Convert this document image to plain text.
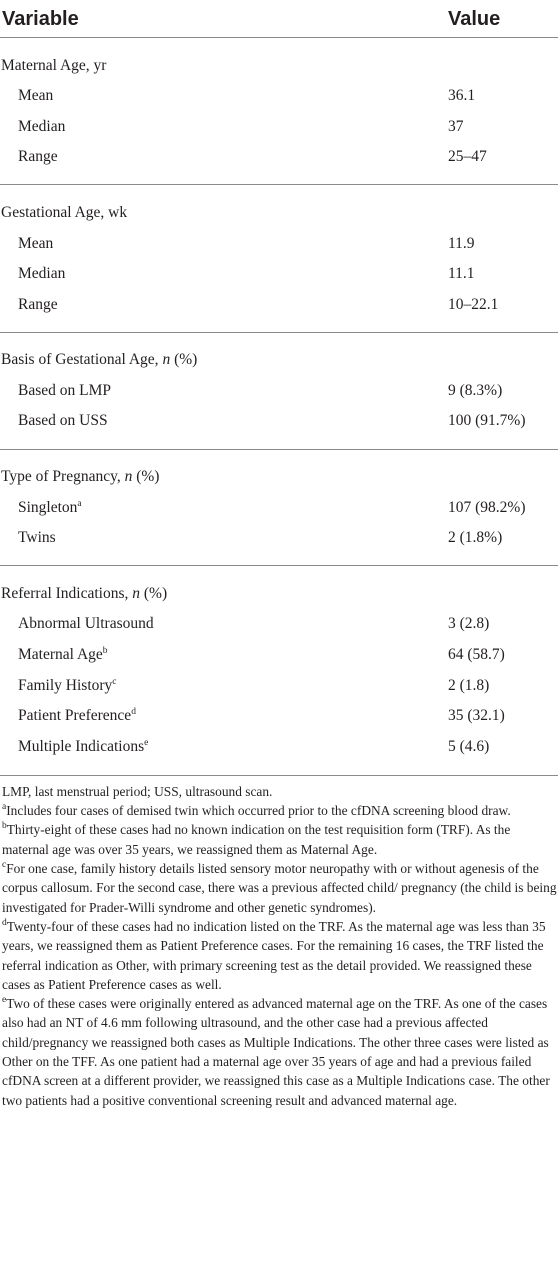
Variable	Value

Maternal Age, yr	
Mean	36.1
Median	37
Range	25–47

Gestational Age, wk	
Mean	11.9
Median	11.1
Range	10–22.1

Basis of Gestational Age, n (%)	
Based on LMP	9 (8.3%)
Based on USS	100 (91.7%)

Type of Pregnancy, n (%)	
Singleton$^a$	107 (98.2%)
Twins	2 (1.8%)

Referral Indications, n (%)	
Abnormal Ultrasound	3 (2.8)
Maternal Age$^b$	64 (58.7)
Family History$^c$	2 (1.8)
Patient Preference$^d$	35 (32.1)
Multiple Indications$^e$	5 (4.6)

LMP, last menstrual period; USS, ultrasound scan.

$^a$Includes four cases of demised twin which occurred prior to the cfDNA screening blood draw.

$^b$Thirty-eight of these cases had no known indication on the test requisition form (TRF). As the maternal age was over 35 years, we reassigned them as Maternal Age.

$^c$For one case, family history details listed sensory motor neuropathy with or without agenesis of the corpus callosum. For the second case, there was a previous affected child/ pregnancy (the child is being investigated for Prader-Willi syndrome and other genetic syndromes).

$^d$Twenty-four of these cases had no indication listed on the TRF. As the maternal age was less than 35 years, we reassigned them as Patient Preference cases. For the remaining 16 cases, the TRF listed the referral indication as Other, with primary screening test as the detail provided. We reassigned these cases as Patient Preference cases as well.

$^e$Two of these cases were originally entered as advanced maternal age on the TRF. As one of the cases also had an NT of 4.6 mm following ultrasound, and the other case had a previous affected child/pregnancy we reassigned both cases as Multiple Indications. The other three cases were listed as Other on the TFF. As one patient had a maternal age over 35 years of age and had a previous failed cfDNA screen at a different provider, we reassigned this case as a Multiple Indications case. The other two patients had a positive conventional screening result and advanced maternal age.
